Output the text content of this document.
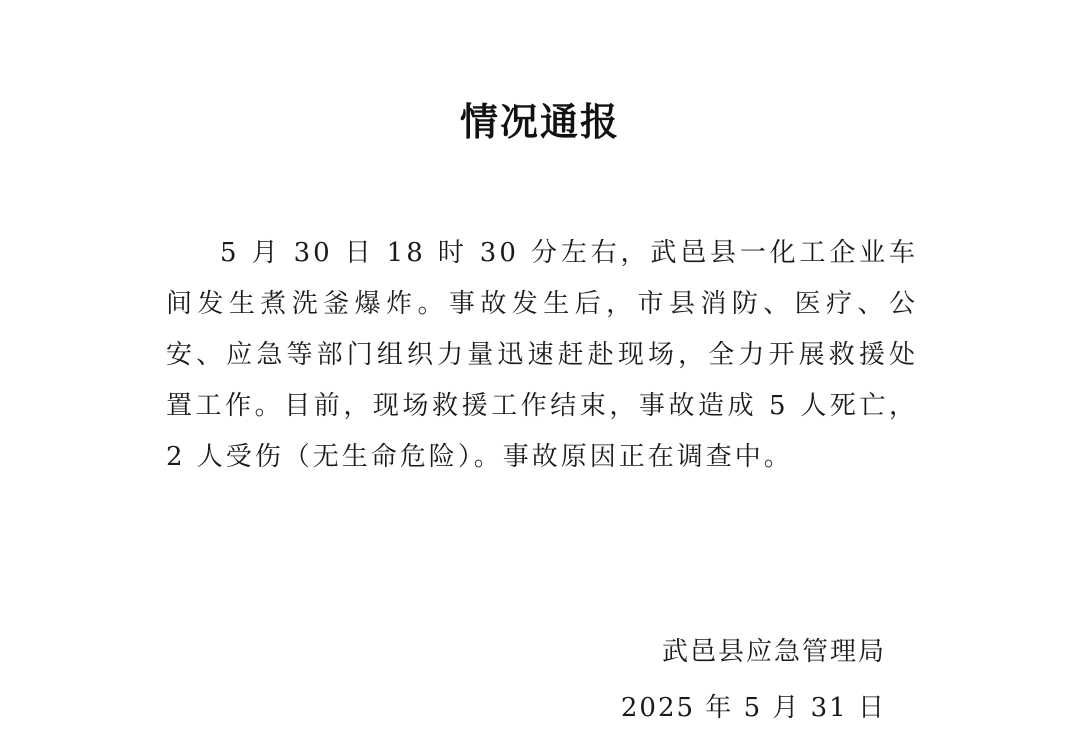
情况通报

5 月 30 日 18 时 30 分左右，武邑县一化工企业车间发生煮洗釜爆炸。事故发生后，市县消防、医疗、公安、应急等部门组织力量迅速赶赴现场，全力开展救援处置工作。目前，现场救援工作结束，事故造成 5 人死亡，2 人受伤（无生命危险）。事故原因正在调查中。

武邑县应急管理局
2025 年 5 月 31 日
